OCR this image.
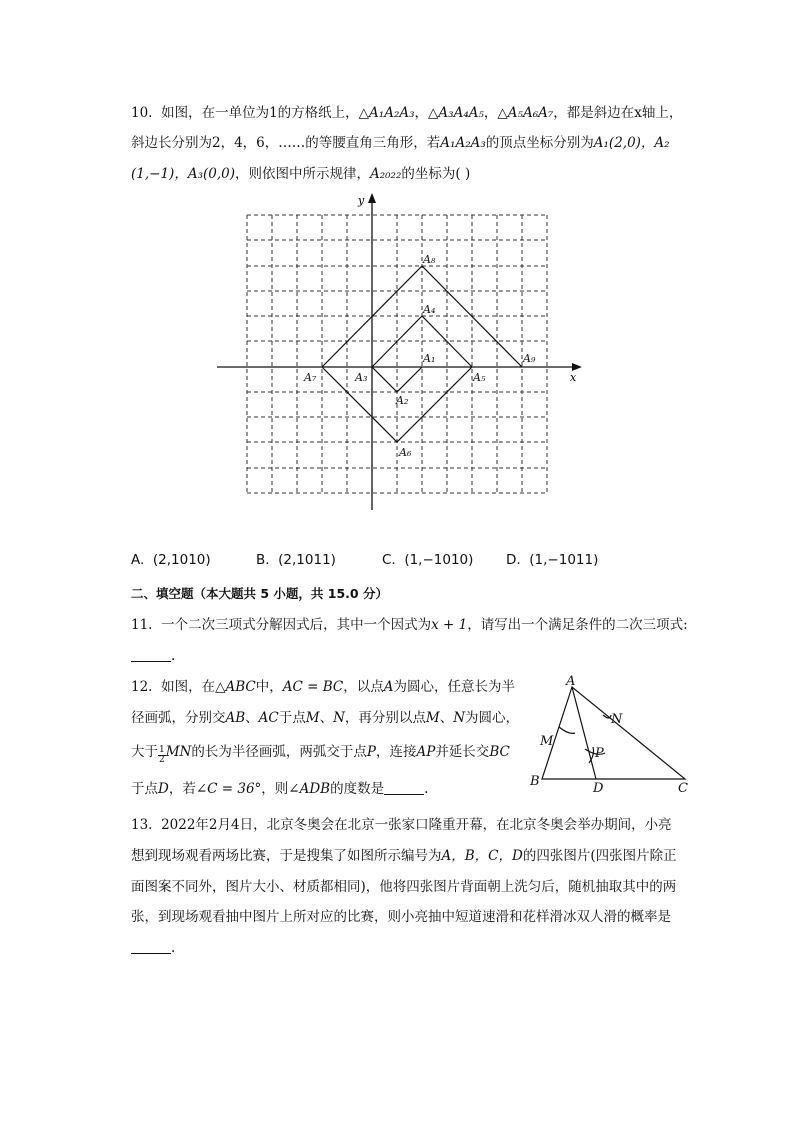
10. 如图，在一单位为1的方格纸上，△A₁A₂A₃，△A₃A₄A₅，△A₅A₆A₇，都是斜边在x轴上，
斜边长分别为2，4，6，……的等腰直角三角形，若A₁A₂A₃的顶点坐标分别为A₁(2,0)，A₂
(1,−1)，A₃(0,0)，则依图中所示规律，A₂₀₂₂的坐标为( )
x
y
A₁
A₂
A₃
A₄
A₅
A₆
A₇
A₈
A₉
A. (2,1010)	B. (2,1011)	C. (1,−1010) D. (1,−1011)
二、填空题（本大题共 5 小题，共 15.0 分）
11. 一个二次三项式分解因式后，其中一个因式为x + 1，请写出一个满足条件的二次三项式:
.
12. 如图，在△ABC中，AC = BC，以点A为圆心，任意长为半
径画弧，分别交AB、AC于点M、N，再分别以点M、N为圆心，
大于 $\frac{1}{2}$ MN的长为半径画弧，两弧交于点P，连接AP并延长交BC
于点D，若∠C = 36°，则∠ADB的度数是	.
A
B	C
D
M
N
P
13. 2022年2月4日，北京冬奥会在北京一张家口隆重开幕，在北京冬奥会举办期间，小亮
想到现场观看两场比赛，于是搜集了如图所示编号为A，B，C，D的四张图片(四张图片除正
面图案不同外，图片大小、材质都相同)，他将四张图片背面朝上洗匀后，随机抽取其中的两
张，到现场观看抽中图片上所对应的比赛，则小亮抽中短道速滑和花样滑冰双人滑的概率是
.
